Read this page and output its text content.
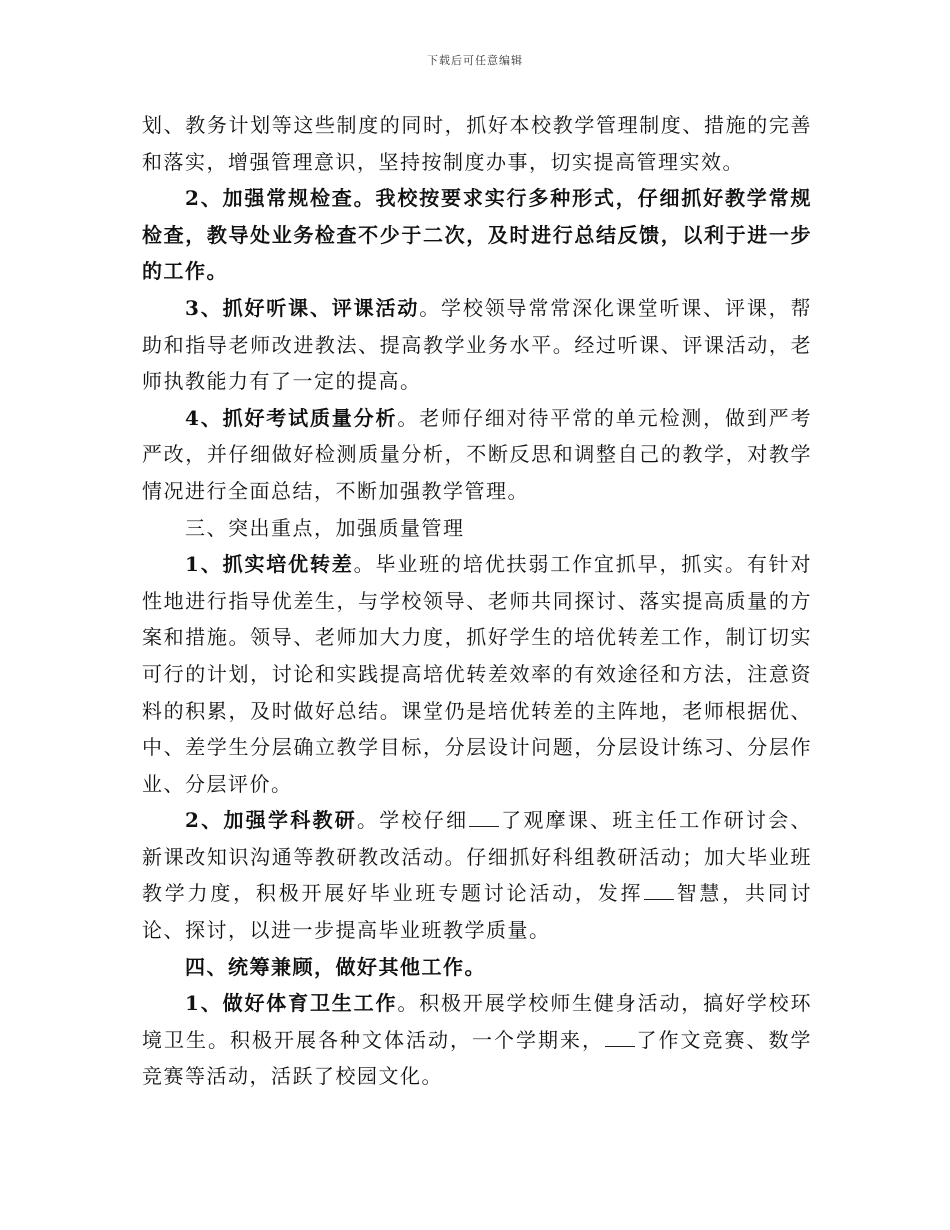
下载后可任意编辑

划、教务计划等这些制度的同时，抓好本校教学管理制度、措施的完善和落实，增强管理意识，坚持按制度办事，切实提高管理实效。

2、加强常规检查。我校按要求实行多种形式，仔细抓好教学常规检查，教导处业务检查不少于二次，及时进行总结反馈，以利于进一步的工作。

3、抓好听课、评课活动。学校领导常常深化课堂听课、评课，帮助和指导老师改进教法、提高教学业务水平。经过听课、评课活动，老师执教能力有了一定的提高。

4、抓好考试质量分析。老师仔细对待平常的单元检测，做到严考严改，并仔细做好检测质量分析，不断反思和调整自己的教学，对教学情况进行全面总结，不断加强教学管理。

三、突出重点，加强质量管理

1、抓实培优转差。毕业班的培优扶弱工作宜抓早，抓实。有针对性地进行指导优差生，与学校领导、老师共同探讨、落实提高质量的方案和措施。领导、老师加大力度，抓好学生的培优转差工作，制订切实可行的计划，讨论和实践提高培优转差效率的有效途径和方法，注意资料的积累，及时做好总结。课堂仍是培优转差的主阵地，老师根据优、中、差学生分层确立教学目标，分层设计问题，分层设计练习、分层作业、分层评价。

2、加强学科教研。学校仔细 了观摩课、班主任工作研讨会、新课改知识沟通等教研教改活动。仔细抓好科组教研活动；加大毕业班教学力度，积极开展好毕业班专题讨论活动，发挥 智慧，共同讨论、探讨，以进一步提高毕业班教学质量。

四、统筹兼顾，做好其他工作。

1、做好体育卫生工作。积极开展学校师生健身活动，搞好学校环境卫生。积极开展各种文体活动，一个学期来， 了作文竞赛、数学竞赛等活动，活跃了校园文化。
